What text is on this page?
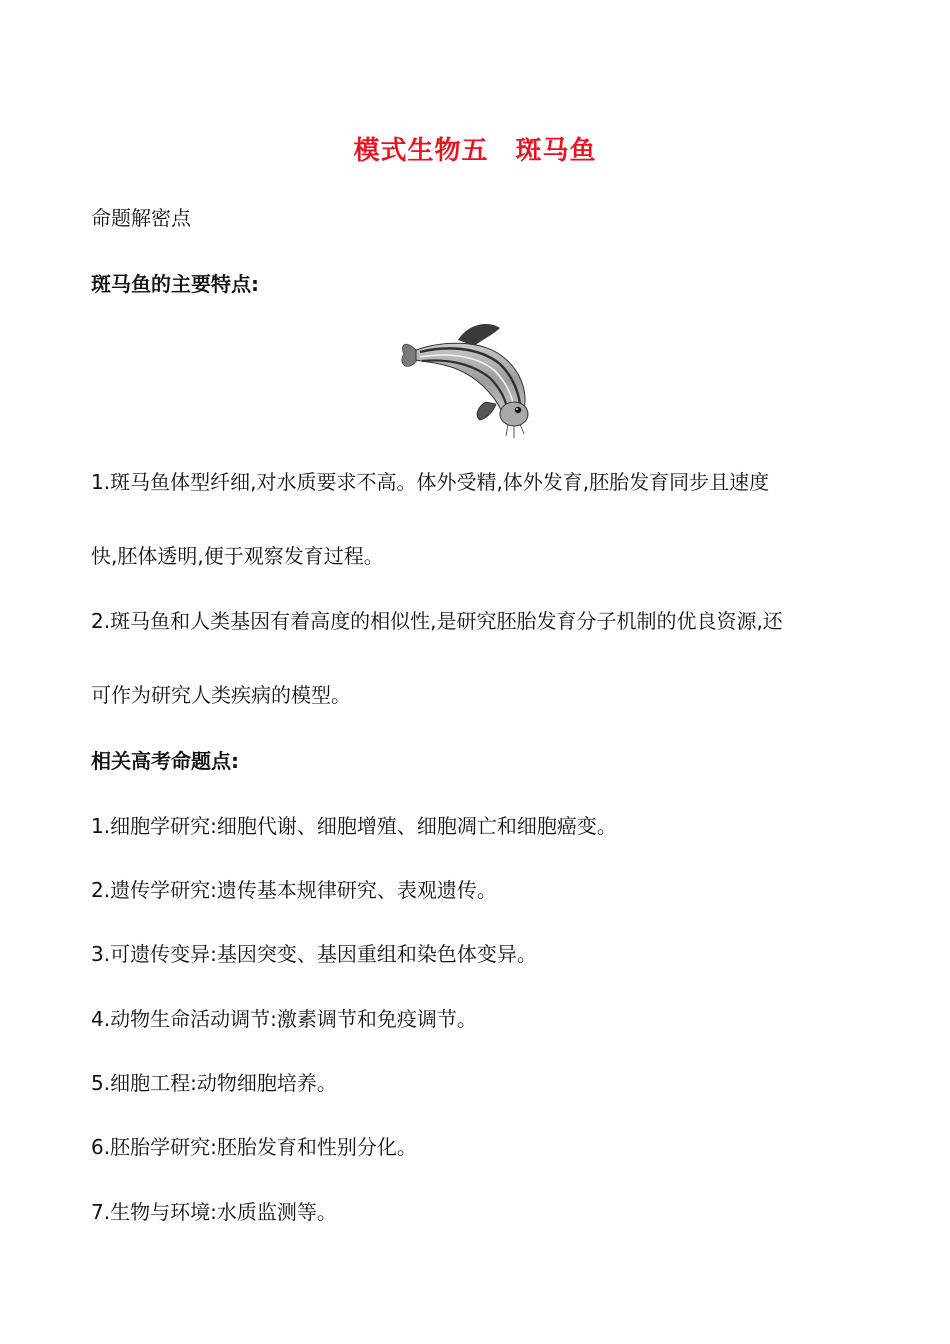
模式生物五　斑马鱼
命题解密点
斑马鱼的主要特点:
1.斑马鱼体型纤细,对水质要求不高。体外受精,体外发育,胚胎发育同步且速度
快,胚体透明,便于观察发育过程。
2.斑马鱼和人类基因有着高度的相似性,是研究胚胎发育分子机制的优良资源,还
可作为研究人类疾病的模型。
相关高考命题点:
1.细胞学研究:细胞代谢、细胞增殖、细胞凋亡和细胞癌变。
2.遗传学研究:遗传基本规律研究、表观遗传。
3.可遗传变异:基因突变、基因重组和染色体变异。
4.动物生命活动调节:激素调节和免疫调节。
5.细胞工程:动物细胞培养。
6.胚胎学研究:胚胎发育和性别分化。
7.生物与环境:水质监测等。
